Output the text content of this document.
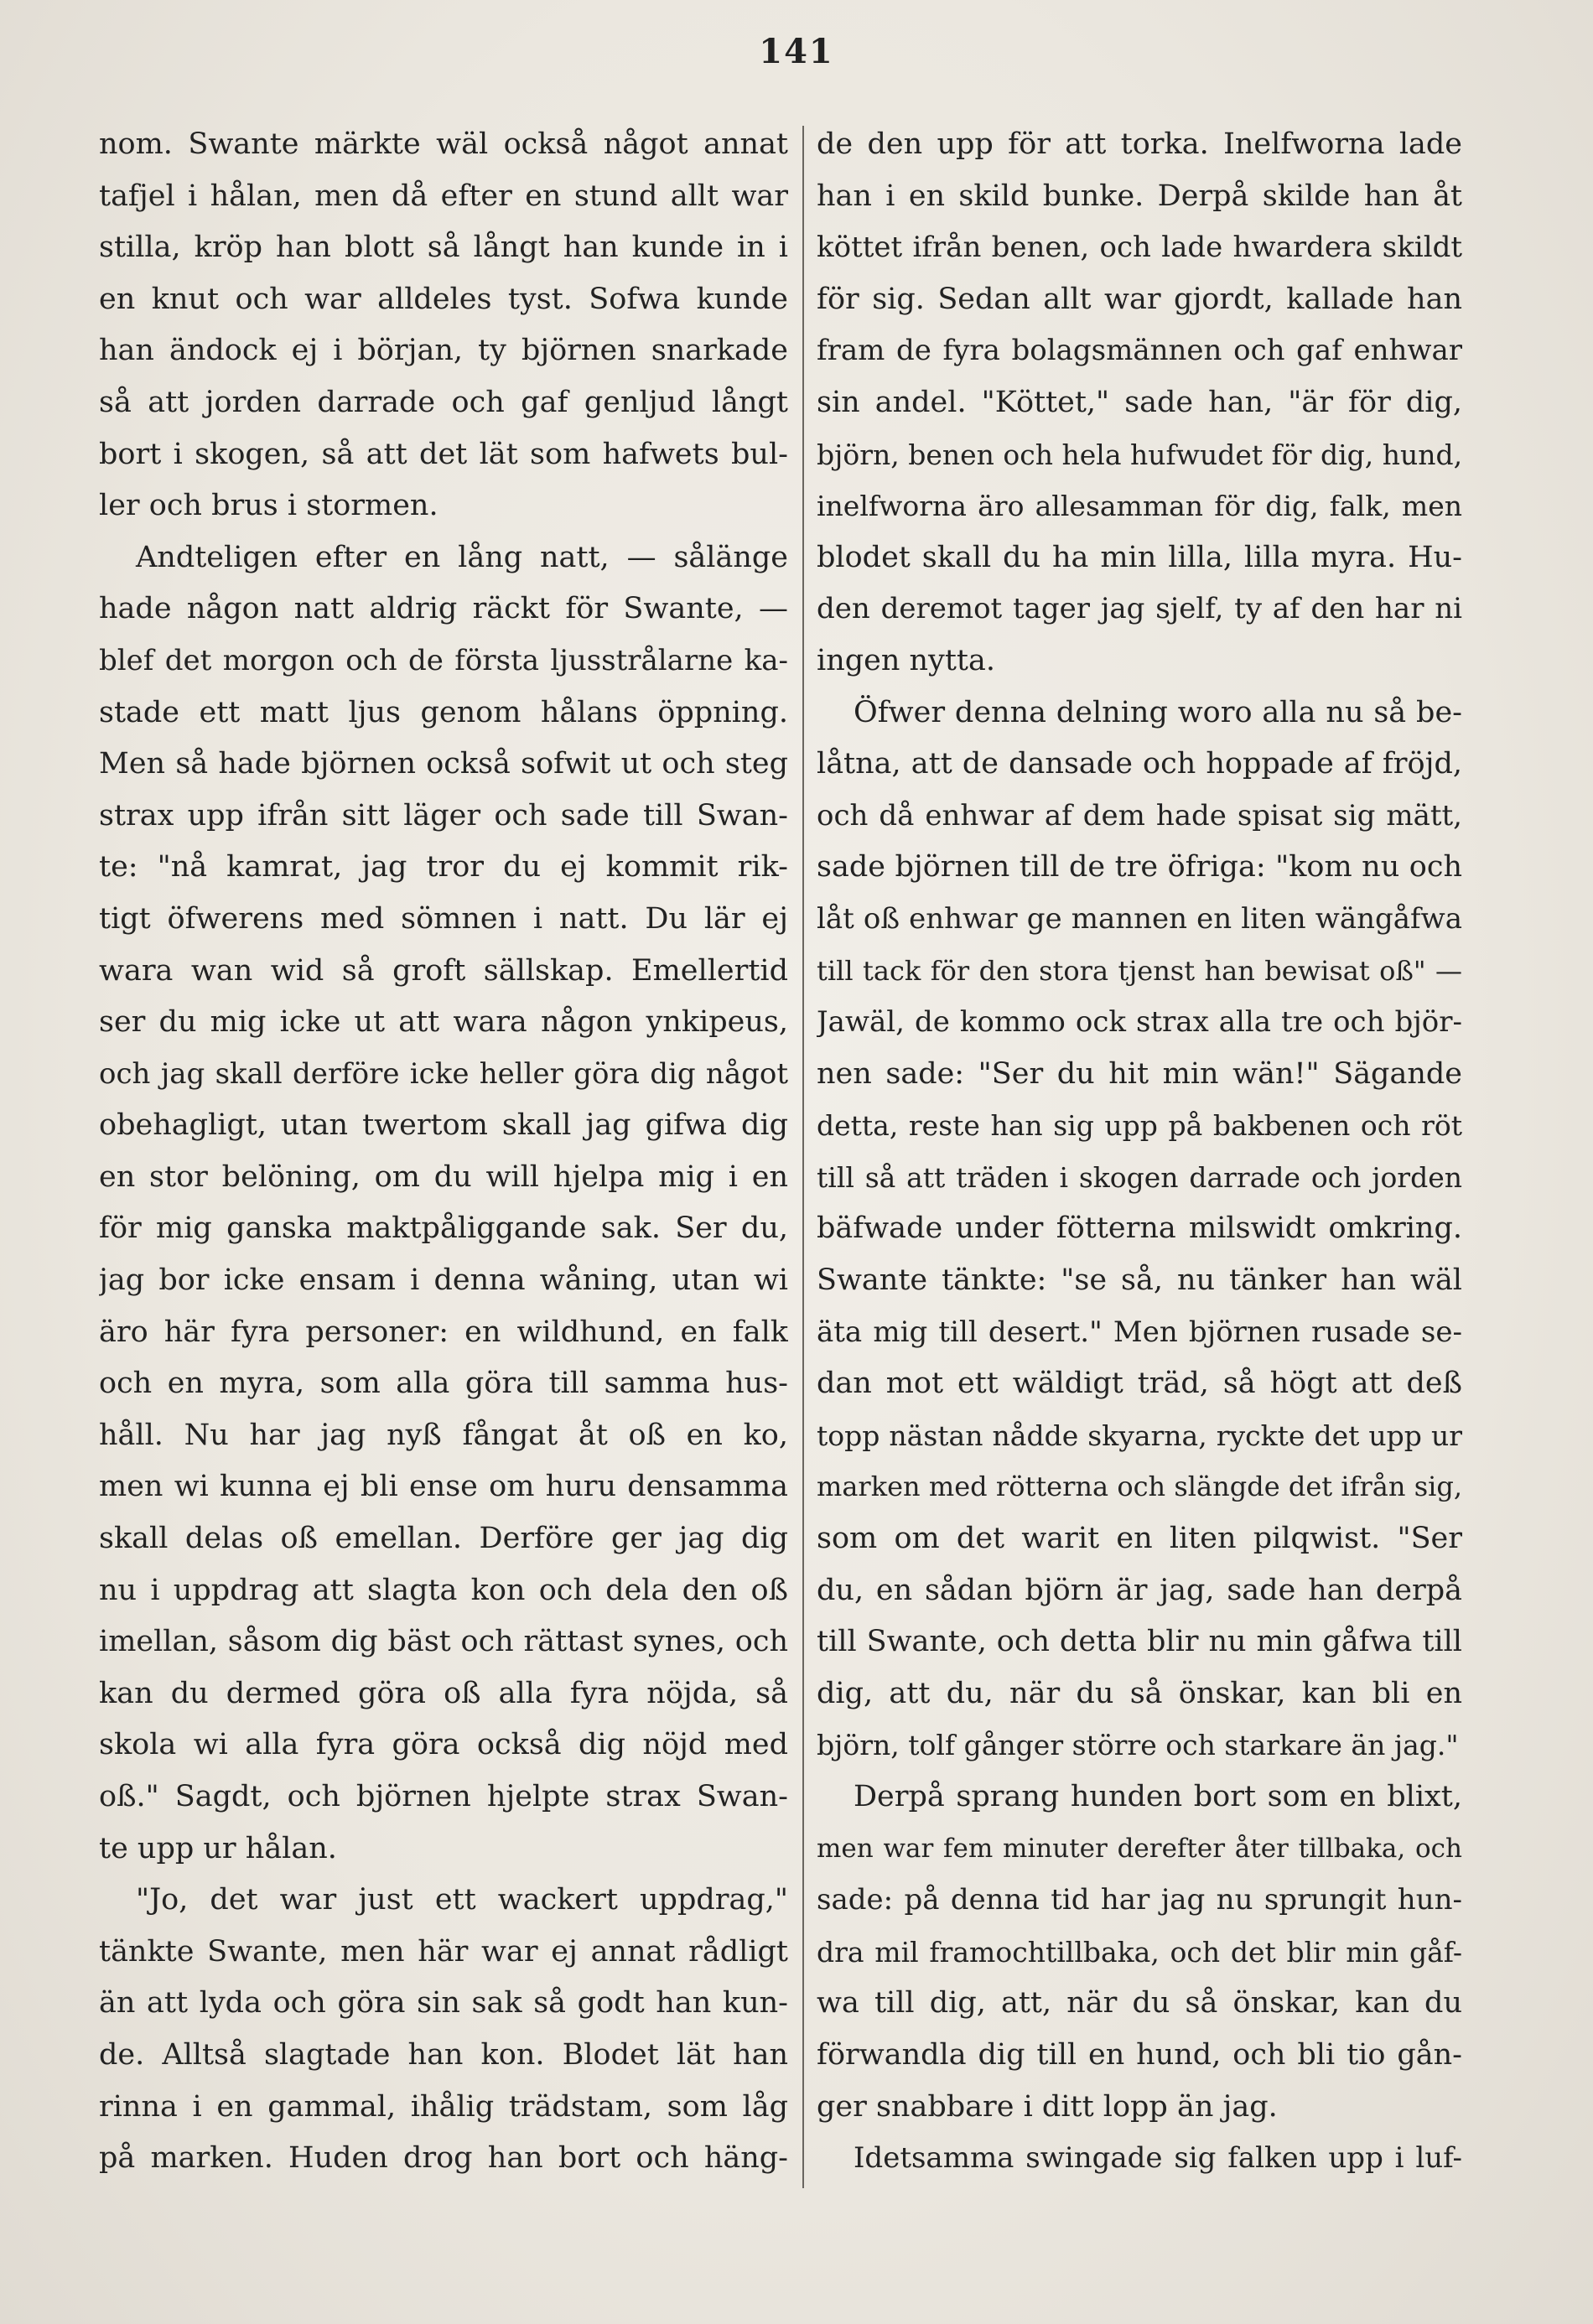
141
nom. Swante märkte wäl också något annat
tafjel i hålan, men då efter en stund allt war
stilla, kröp han blott så långt han kunde in i
en knut och war alldeles tyst. Sofwa kunde
han ändock ej i början, ty björnen snarkade
så att jorden darrade och gaf genljud långt
bort i skogen, så att det lät som hafwets bul-
ler och brus i stormen.
Andteligen efter en lång natt, — sålänge
hade någon natt aldrig räckt för Swante, —
blef det morgon och de första ljusstrålarne ka-
stade ett matt ljus genom hålans öppning.
Men så hade björnen också sofwit ut och steg
strax upp ifrån sitt läger och sade till Swan-
te: "nå kamrat, jag tror du ej kommit rik-
tigt öfwerens med sömnen i natt. Du lär ej
wara wan wid så groft sällskap. Emellertid
ser du mig icke ut att wara någon ynkipeus,
och jag skall derföre icke heller göra dig något
obehagligt, utan twertom skall jag gifwa dig
en stor belöning, om du will hjelpa mig i en
för mig ganska maktpåliggande sak. Ser du,
jag bor icke ensam i denna wåning, utan wi
äro här fyra personer: en wildhund, en falk
och en myra, som alla göra till samma hus-
håll. Nu har jag nyß fångat åt oß en ko,
men wi kunna ej bli ense om huru densamma
skall delas oß emellan. Derföre ger jag dig
nu i uppdrag att slagta kon och dela den oß
imellan, såsom dig bäst och rättast synes, och
kan du dermed göra oß alla fyra nöjda, så
skola wi alla fyra göra också dig nöjd med
oß." Sagdt, och björnen hjelpte strax Swan-
te upp ur hålan.
"Jo, det war just ett wackert uppdrag,"
tänkte Swante, men här war ej annat rådligt
än att lyda och göra sin sak så godt han kun-
de. Alltså slagtade han kon. Blodet lät han
rinna i en gammal, ihålig trädstam, som låg
på marken. Huden drog han bort och häng-
de den upp för att torka. Inelfworna lade
han i en skild bunke. Derpå skilde han åt
köttet ifrån benen, och lade hwardera skildt
för sig. Sedan allt war gjordt, kallade han
fram de fyra bolagsmännen och gaf enhwar
sin andel. "Köttet," sade han, "är för dig,
björn, benen och hela hufwudet för dig, hund,
inelfworna äro allesamman för dig, falk, men
blodet skall du ha min lilla, lilla myra. Hu-
den deremot tager jag sjelf, ty af den har ni
ingen nytta.
Öfwer denna delning woro alla nu så be-
låtna, att de dansade och hoppade af fröjd,
och då enhwar af dem hade spisat sig mätt,
sade björnen till de tre öfriga: "kom nu och
låt oß enhwar ge mannen en liten wängåfwa
till tack för den stora tjenst han bewisat oß" —
Jawäl, de kommo ock strax alla tre och björ-
nen sade: "Ser du hit min wän!" Sägande
detta, reste han sig upp på bakbenen och röt
till så att träden i skogen darrade och jorden
bäfwade under fötterna milswidt omkring.
Swante tänkte: "se så, nu tänker han wäl
äta mig till desert." Men björnen rusade se-
dan mot ett wäldigt träd, så högt att deß
topp nästan nådde skyarna, ryckte det upp ur
marken med rötterna och slängde det ifrån sig,
som om det warit en liten pilqwist. "Ser
du, en sådan björn är jag, sade han derpå
till Swante, och detta blir nu min gåfwa till
dig, att du, när du så önskar, kan bli en
björn, tolf gånger större och starkare än jag."
Derpå sprang hunden bort som en blixt,
men war fem minuter derefter åter tillbaka, och
sade: på denna tid har jag nu sprungit hun-
dra mil framochtillbaka, och det blir min gåf-
wa till dig, att, när du så önskar, kan du
förwandla dig till en hund, och bli tio gån-
ger snabbare i ditt lopp än jag.
Idetsamma swingade sig falken upp i luf-
